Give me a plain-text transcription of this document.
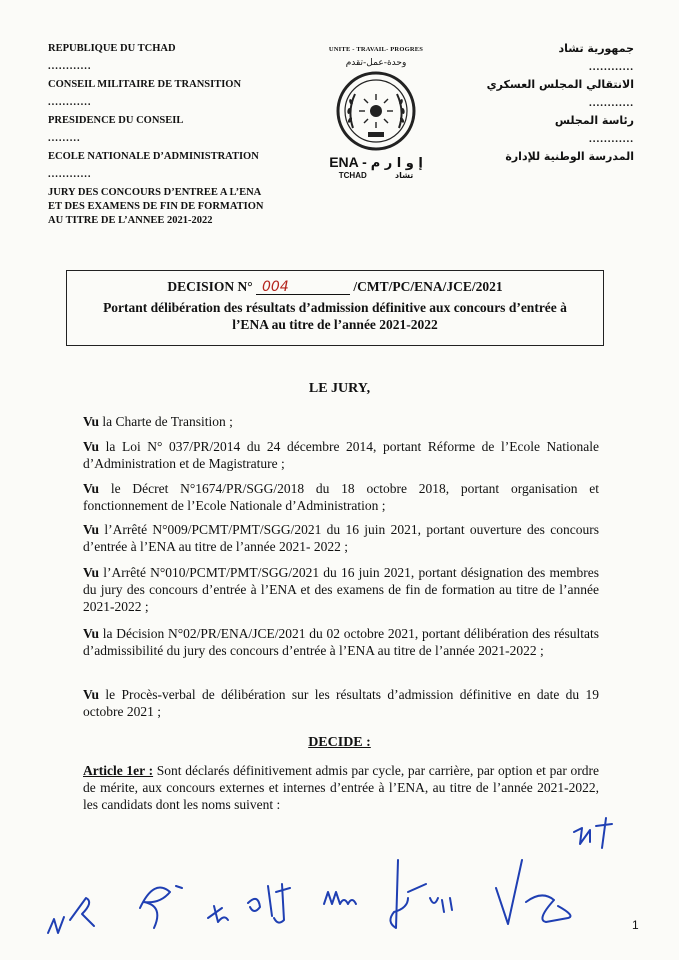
REPUBLIQUE DU TCHAD
............
CONSEIL MILITAIRE DE TRANSITION
............
PRESIDENCE DU CONSEIL
.........
ECOLE NATIONALE D’ADMINISTRATION
............
JURY DES CONCOURS D’ENTREE A L’ENA
ET DES EXAMENS DE FIN DE FORMATION
AU TITRE DE L’ANNEE 2021-2022
UNITE - TRAVAIL- PROGRES
وحدة-عمل-تقدم
ENA - إ و ا ر م
TCHAD	تشاد
جمهورية تشاد
............
الانتقالي المجلس العسكري
............
رئاسة المجلس
............
المدرسة الوطنية للإدارة
DECISION N° 004	/CMT/PC/ENA/JCE/2021
Portant délibération des résultats d’admission définitive aux concours d’entrée à l’ENA au titre de l’année 2021-2022
LE JURY,
Vu la Charte de Transition ;
Vu la Loi N° 037/PR/2014 du 24 décembre 2014, portant Réforme de l’Ecole Nationale d’Administration et de Magistrature ;
Vu le Décret N°1674/PR/SGG/2018 du 18 octobre 2018, portant organisation et fonctionnement de l’Ecole Nationale d’Administration ;
Vu l’Arrêté N°009/PCMT/PMT/SGG/2021 du 16 juin 2021, portant ouverture des concours d’entrée à l’ENA au titre de l’année 2021- 2022 ;
Vu l’Arrêté N°010/PCMT/PMT/SGG/2021 du 16 juin 2021, portant désignation des membres du jury des concours d’entrée à l’ENA et des examens de fin de formation au titre de l’année 2021-2022 ;
Vu la Décision N°02/PR/ENA/JCE/2021 du 02 octobre 2021, portant délibération des résultats d’admissibilité du jury des concours d’entrée à l’ENA au titre de l’année 2021-2022 ;
Vu le Procès-verbal de délibération sur les résultats d’admission définitive en date du 19 octobre 2021 ;
DECIDE :
Article 1er : Sont déclarés définitivement admis par cycle, par carrière, par option et par ordre de mérite, aux concours externes et internes d’entrée à l’ENA, au titre de l’année 2021-2022, les candidats dont les noms suivent :
1
